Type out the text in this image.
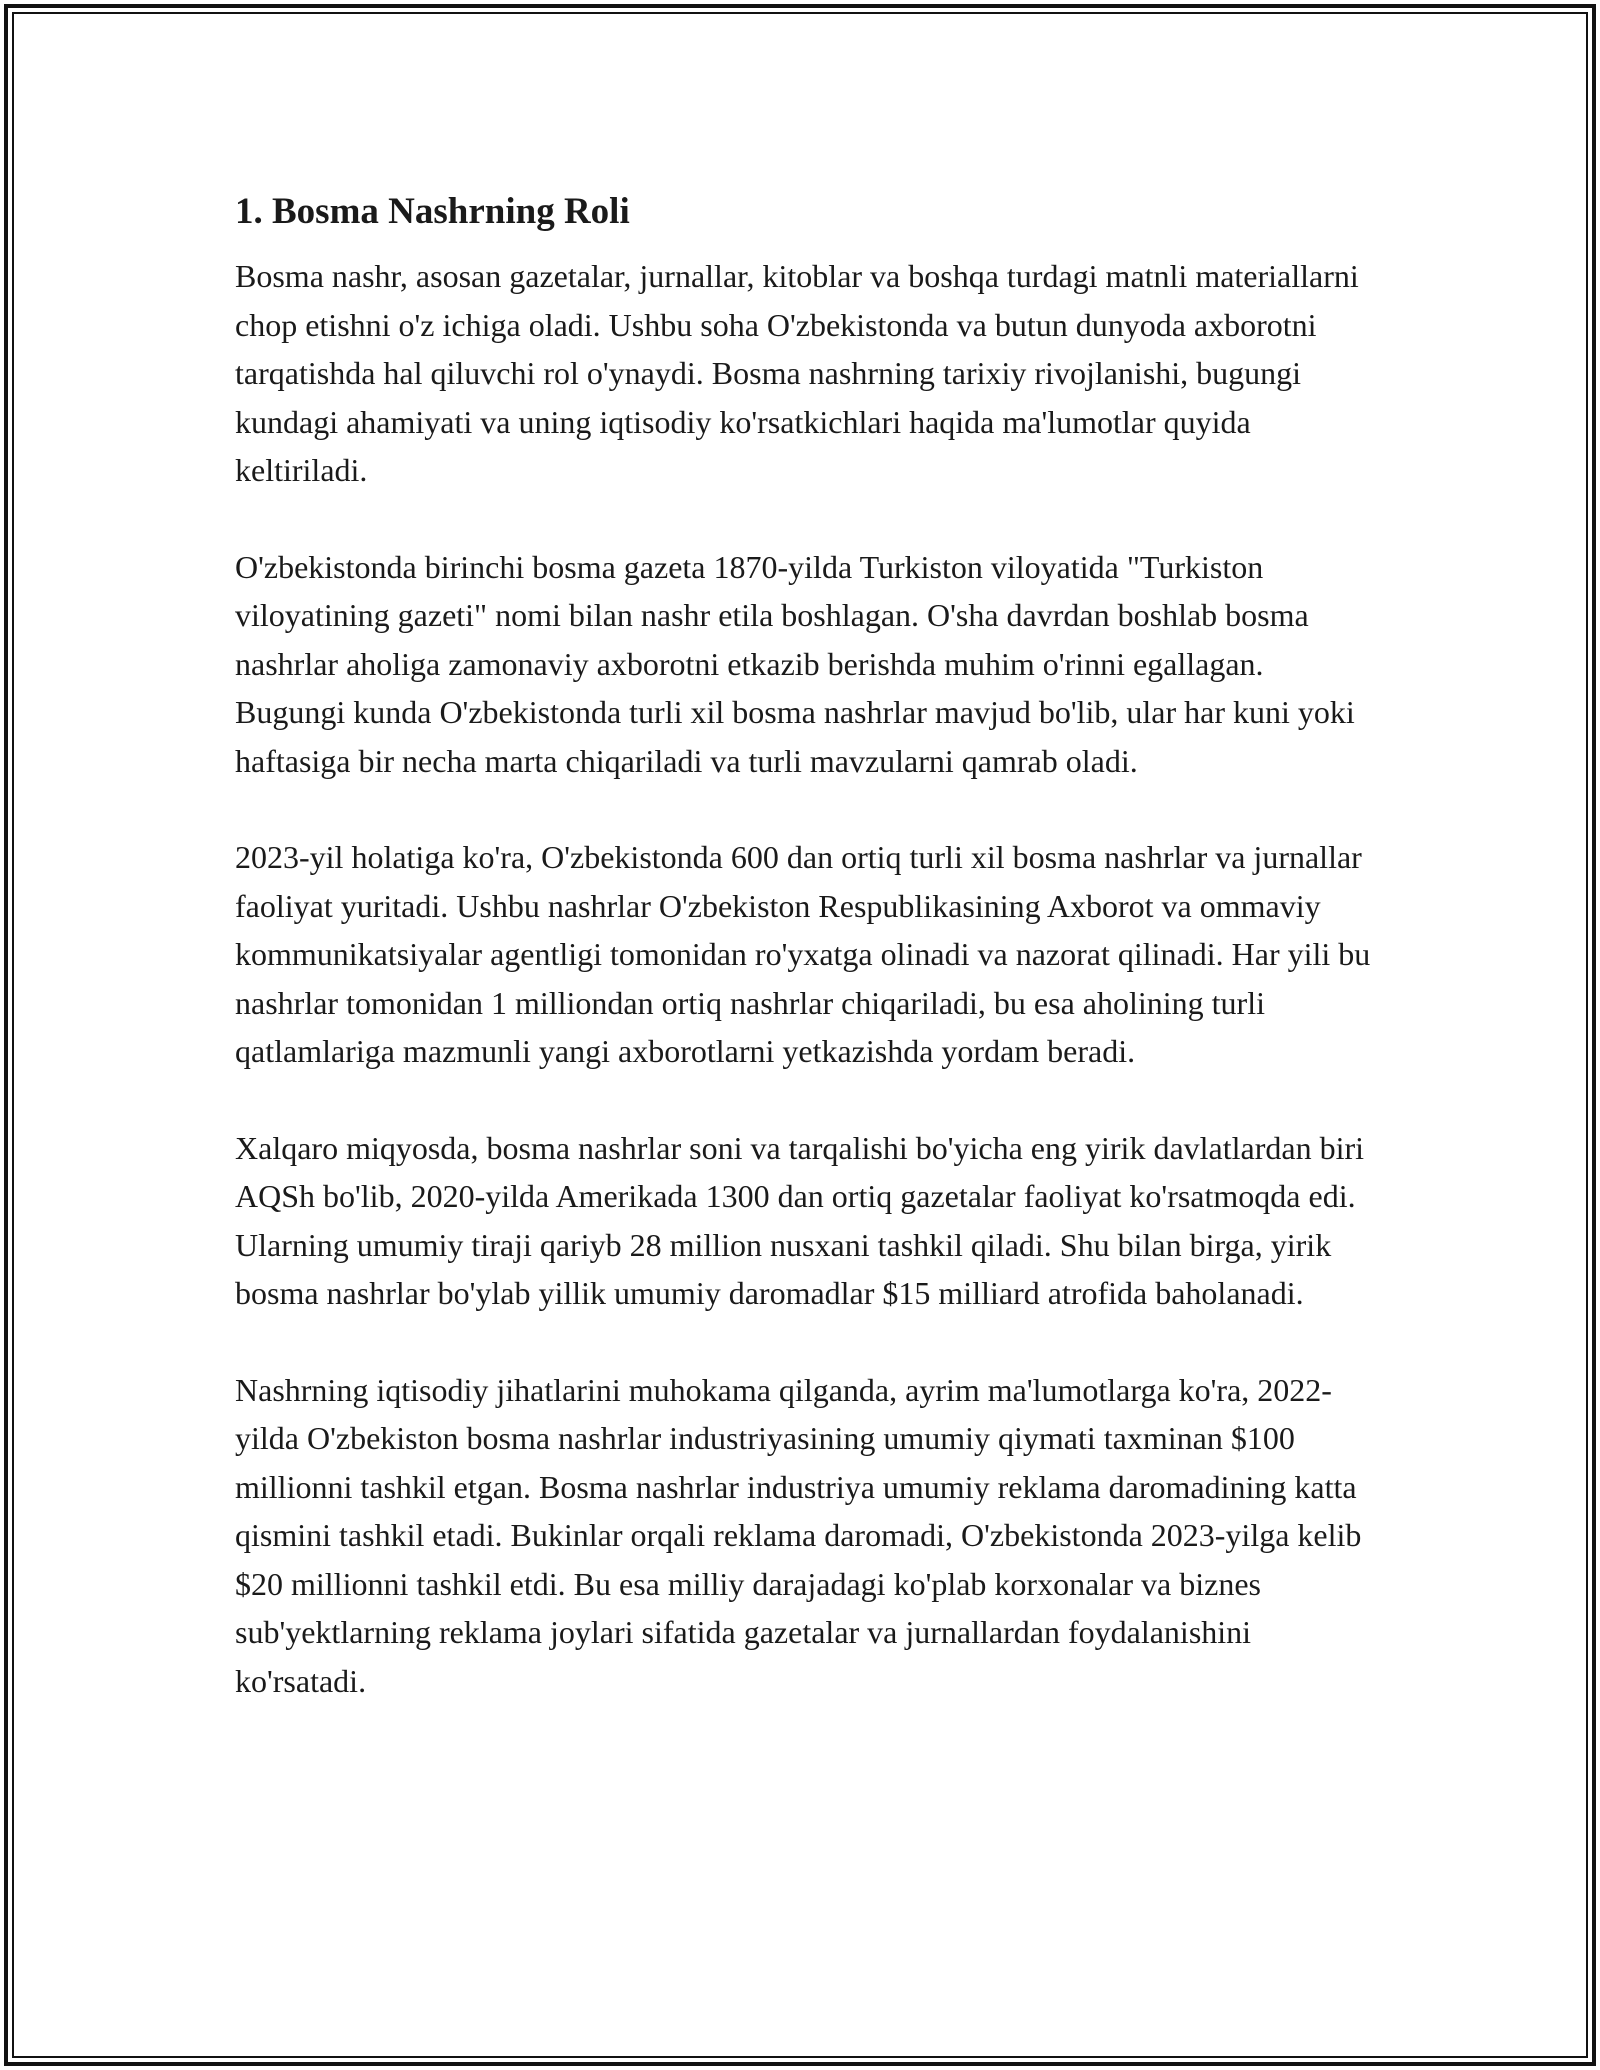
1. Bosma Nashrning Roli

Bosma nashr, asosan gazetalar, jurnallar, kitoblar va boshqa turdagi matnli materiallarni chop etishni o'z ichiga oladi. Ushbu soha O'zbekistonda va butun dunyoda axborotni tarqatishda hal qiluvchi rol o'ynaydi. Bosma nashrning tarixiy rivojlanishi, bugungi kundagi ahamiyati va uning iqtisodiy ko'rsatkichlari haqida ma'lumotlar quyida keltiriladi.

O'zbekistonda birinchi bosma gazeta 1870-yilda Turkiston viloyatida "Turkiston viloyatining gazeti" nomi bilan nashr etila boshlagan. O'sha davrdan boshlab bosma nashrlar aholiga zamonaviy axborotni etkazib berishda muhim o'rinni egallagan. Bugungi kunda O'zbekistonda turli xil bosma nashrlar mavjud bo'lib, ular har kuni yoki haftasiga bir necha marta chiqariladi va turli mavzularni qamrab oladi.

2023-yil holatiga ko'ra, O'zbekistonda 600 dan ortiq turli xil bosma nashrlar va jurnallar faoliyat yuritadi. Ushbu nashrlar O'zbekiston Respublikasining Axborot va ommaviy kommunikatsiyalar agentligi tomonidan ro'yxatga olinadi va nazorat qilinadi. Har yili bu nashrlar tomonidan 1 milliondan ortiq nashrlar chiqariladi, bu esa aholining turli qatlamlariga mazmunli yangi axborotlarni yetkazishda yordam beradi.

Xalqaro miqyosda, bosma nashrlar soni va tarqalishi bo'yicha eng yirik davlatlardan biri AQSh bo'lib, 2020-yilda Amerikada 1300 dan ortiq gazetalar faoliyat ko'rsatmoqda edi. Ularning umumiy tiraji qariyb 28 million nusxani tashkil qiladi. Shu bilan birga, yirik bosma nashrlar bo'ylab yillik umumiy daromadlar $15 milliard atrofida baholanadi.

Nashrning iqtisodiy jihatlarini muhokama qilganda, ayrim ma'lumotlarga ko'ra, 2022-yilda O'zbekiston bosma nashrlar industriyasining umumiy qiymati taxminan $100 millionni tashkil etgan. Bosma nashrlar industriya umumiy reklama daromadining katta qismini tashkil etadi. Bukinlar orqali reklama daromadi, O'zbekistonda 2023-yilga kelib $20 millionni tashkil etdi. Bu esa milliy darajadagi ko'plab korxonalar va biznes sub'yektlarning reklama joylari sifatida gazetalar va jurnallardan foydalanishini ko'rsatadi.
